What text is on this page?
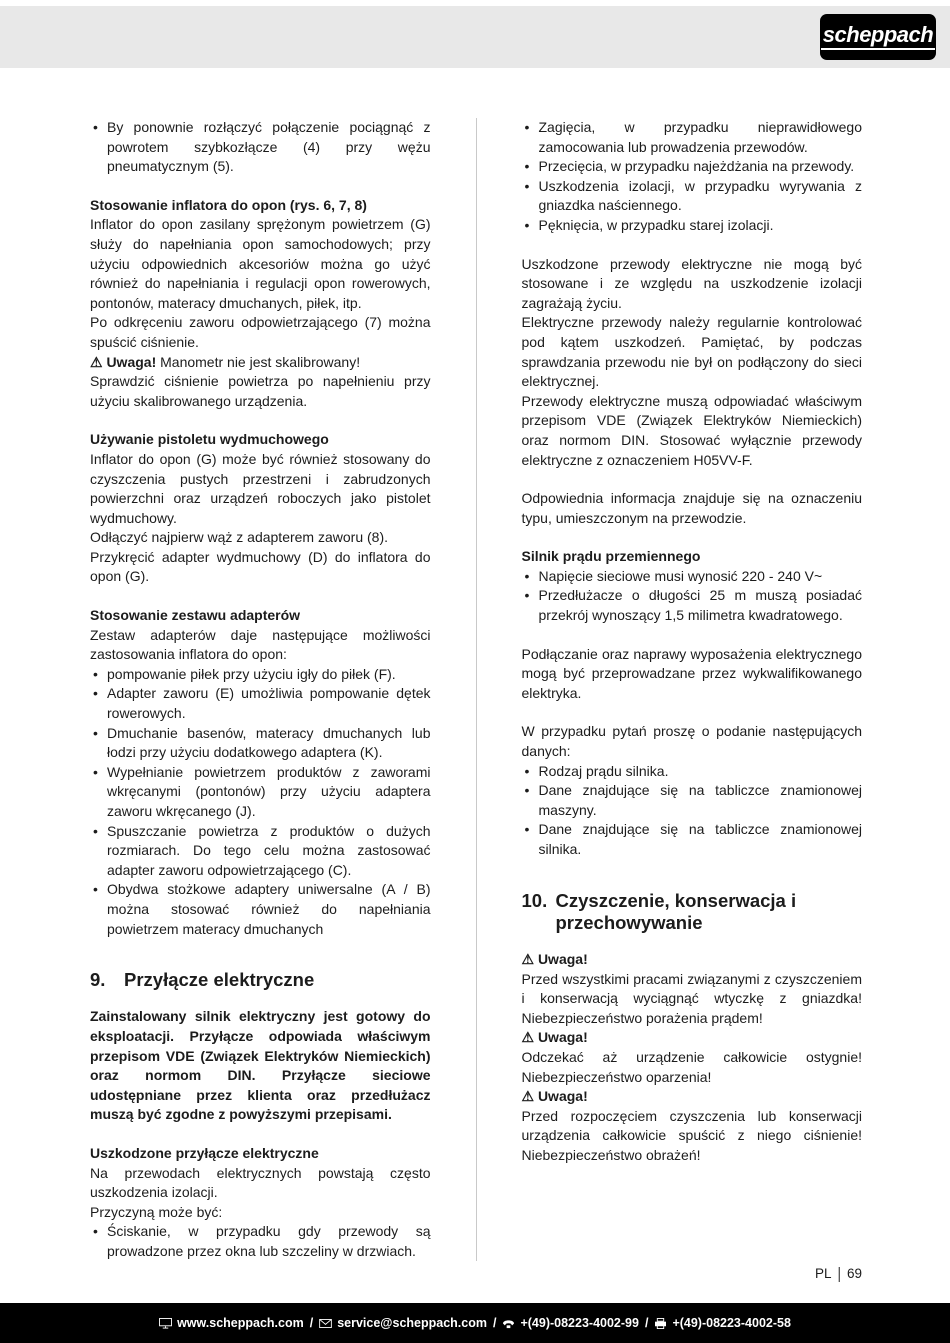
scheppach
• By ponownie rozłączyć połączenie pociągnąć z powrotem szybkozłącze (4) przy wężu pneumatycznym (5).

Stosowanie inflatora do opon (rys. 6, 7, 8)

Inflator do opon zasilany sprężonym powietrzem (G) służy do napełniania opon samochodowych; przy użyciu odpowiednich akcesoriów można go użyć również do napełniania i regulacji opon rowerowych, pontonów, materacy dmuchanych, piłek, itp.

Po odkręceniu zaworu odpowietrzającego (7) można spuścić ciśnienie.

⚠ Uwaga! Manometr nie jest skalibrowany!

Sprawdzić ciśnienie powietrza po napełnieniu przy użyciu skalibrowanego urządzenia.

Używanie pistoletu wydmuchowego

Inflator do opon (G) może być również stosowany do czyszczenia pustych przestrzeni i zabrudzonych powierzchni oraz urządzeń roboczych jako pistolet wydmuchowy.

Odłączyć najpierw wąż z adapterem zaworu (8).

Przykręcić adapter wydmuchowy (D) do inflatora do opon (G).

Stosowanie zestawu adapterów

Zestaw adapterów daje następujące możliwości zastosowania inflatora do opon:

• pompowanie piłek przy użyciu igły do piłek (F).
• Adapter zaworu (E) umożliwia pompowanie dętek rowerowych.
• Dmuchanie basenów, materacy dmuchanych lub łodzi przy użyciu dodatkowego adaptera (K).
• Wypełnianie powietrzem produktów z zaworami wkręcanymi (pontonów) przy użyciu adaptera zaworu wkręcanego (J).
• Spuszczanie powietrza z produktów o dużych rozmiarach. Do tego celu można zastosować adapter zaworu odpowietrzającego (C).
• Obydwa stożkowe adaptery uniwersalne (A / B) można stosować również do napełniania powietrzem materacy dmuchanych
9.	Przyłącze elektryczne

Zainstalowany silnik elektryczny jest gotowy do eksploatacji. Przyłącze odpowiada właściwym przepisom VDE (Związek Elektryków Niemieckich) oraz normom DIN. Przyłącze sieciowe udostępniane przez klienta oraz przedłużacz muszą być zgodne z powyższymi przepisami.

Uszkodzone przyłącze elektryczne

Na przewodach elektrycznych powstają często uszkodzenia izolacji.

Przyczyną może być:

• Ściskanie, w przypadku gdy przewody są prowadzone przez okna lub szczeliny w drzwiach.
• Zagięcia, w przypadku nieprawidłowego zamocowania lub prowadzenia przewodów.
• Przecięcia, w przypadku najeżdżania na przewody.
• Uszkodzenia izolacji, w przypadku wyrywania z gniazdka naściennego.
• Pęknięcia, w przypadku starej izolacji.

Uszkodzone przewody elektryczne nie mogą być stosowane i ze względu na uszkodzenie izolacji zagrażają życiu.

Elektryczne przewody należy regularnie kontrolować pod kątem uszkodzeń. Pamiętać, by podczas sprawdzania przewodu nie był on podłączony do sieci elektrycznej.

Przewody elektryczne muszą odpowiadać właściwym przepisom VDE (Związek Elektryków Niemieckich) oraz normom DIN. Stosować wyłącznie przewody elektryczne z oznaczeniem H05VV-F.

Odpowiednia informacja znajduje się na oznaczeniu typu, umieszczonym na przewodzie.

Silnik prądu przemiennego

• Napięcie sieciowe musi wynosić 220 - 240 V~
• Przedłużacze o długości 25 m muszą posiadać przekrój wynoszący 1,5 milimetra kwadratowego.

Podłączanie oraz naprawy wyposażenia elektrycznego mogą być przeprowadzane przez wykwalifikowanego elektryka.

W przypadku pytań proszę o podanie następujących danych:

• Rodzaj prądu silnika.
• Dane znajdujące się na tabliczce znamionowej maszyny.
• Dane znajdujące się na tabliczce znamionowej silnika.
10. Czyszczenie, konserwacja i przechowywanie

⚠ Uwaga!

Przed wszystkimi pracami związanymi z czyszczeniem i konserwacją wyciągnąć wtyczkę z gniazdka! Niebezpieczeństwo porażenia prądem!

⚠ Uwaga!

Odczekać aż urządzenie całkowicie ostygnie! Niebezpieczeństwo oparzenia!

⚠ Uwaga!

Przed rozpoczęciem czyszczenia lub konserwacji urządzenia całkowicie spuścić z niego ciśnienie! Niebezpieczeństwo obrażeń!

PL | 69
www.scheppach.com / service@scheppach.com / +(49)-08223-4002-99 / +(49)-08223-4002-58
